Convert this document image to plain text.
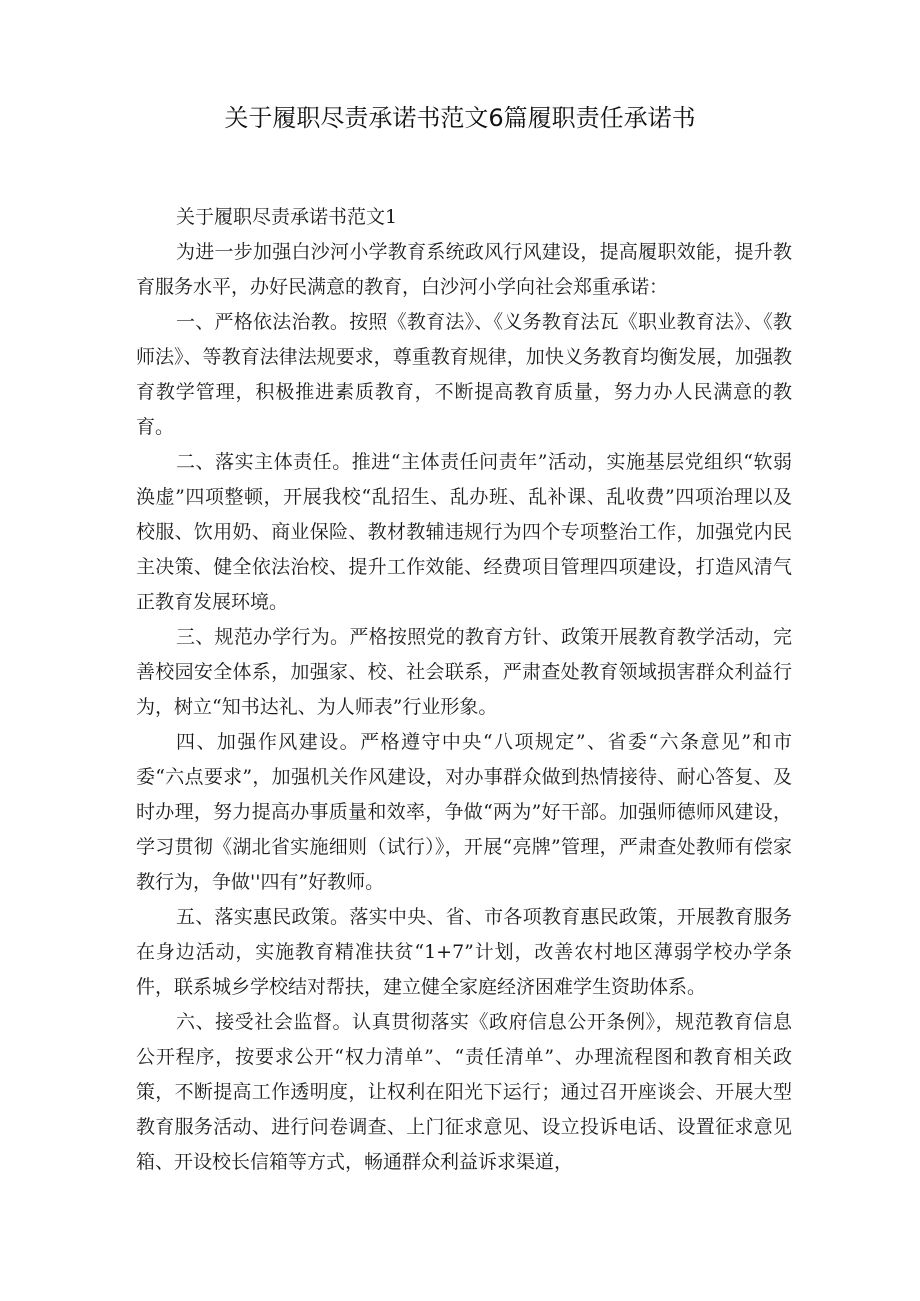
关于履职尽责承诺书范文6篇履职责任承诺书

关于履职尽责承诺书范文1

为进一步加强白沙河小学教育系统政风行风建设，提高履职效能，提升教育服务水平，办好民满意的教育，白沙河小学向社会郑重承诺：

一、严格依法治教。按照《教育法》、《义务教育法瓦《职业教育法》、《教师法》、等教育法律法规要求，尊重教育规律，加快义务教育均衡发展，加强教育教学管理，积极推进素质教育，不断提高教育质量，努力办人民满意的教育。

二、落实主体责任。推进“主体责任问责年”活动，实施基层党组织“软弱涣虚”四项整顿，开展我校“乱招生、乱办班、乱补课、乱收费”四项治理以及校服、饮用奶、商业保险、教材教辅违规行为四个专项整治工作，加强党内民主决策、健全依法治校、提升工作效能、经费项目管理四项建设，打造风清气正教育发展环境。

三、规范办学行为。严格按照党的教育方针、政策开展教育教学活动，完善校园安全体系，加强家、校、社会联系，严肃查处教育领域损害群众利益行为，树立“知书达礼、为人师表”行业形象。

四、加强作风建设。严格遵守中央“八项规定”、省委“六条意见”和市委“六点要求”，加强机关作风建设，对办事群众做到热情接待、耐心答复、及时办理，努力提高办事质量和效率，争做“两为”好干部。加强师德师风建设，学习贯彻《湖北省实施细则（试行）》，开展“亮牌”管理，严肃查处教师有偿家教行为，争做''四有”好教师。

五、落实惠民政策。落实中央、省、市各项教育惠民政策，开展教育服务在身边活动，实施教育精准扶贫“1+7”计划，改善农村地区薄弱学校办学条件，联系城乡学校结对帮扶，建立健全家庭经济困难学生资助体系。

六、接受社会监督。认真贯彻落实《政府信息公开条例》，规范教育信息公开程序，按要求公开“权力清单”、“责任清单”、办理流程图和教育相关政策，不断提高工作透明度，让权利在阳光下运行；通过召开座谈会、开展大型教育服务活动、进行问卷调查、上门征求意见、设立投诉电话、设置征求意见箱、开设校长信箱等方式，畅通群众利益诉求渠道，
